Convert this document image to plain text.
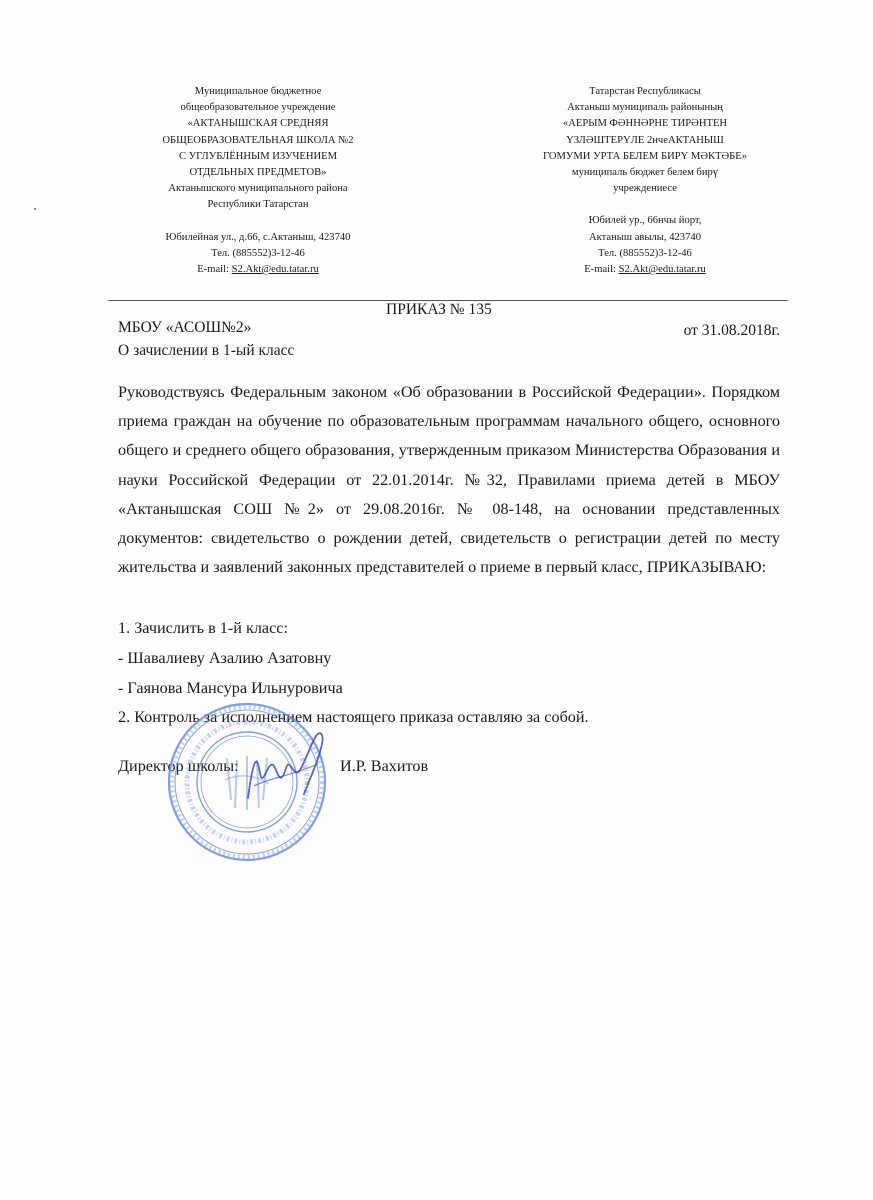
Муниципальное бюджетное
общеобразовательное учреждение
«АКТАНЫШСКАЯ СРЕДНЯЯ
ОБЩЕОБРАЗОВАТЕЛЬНАЯ ШКОЛА №2
С УГЛУБЛЁННЫМ ИЗУЧЕНИЕМ
ОТДЕЛЬНЫХ ПРЕДМЕТОВ»
Актанышского муниципального района
Республики Татарстан
Юбилейная ул., д.66, с.Актаныш, 423740
Тел. (885552)3-12-46
E-mail: S2.Akt@edu.tatar.ru
Татарстан Республикасы
Актаныш муниципаль районының
«АЕРЫМ ФӘННӘРНЕ ТИРӘНТЕН
ҮЗЛӘШТЕРҮЛЕ 2нчеАКТАНЫШ
ГОМУМИ УРТА БЕЛЕМ БИРҮ МӘКТӘБЕ»
муниципаль бюджет белем бирү
учреждениесе
Юбилей ур., 66нчы йорт,
Актаныш авылы, 423740
Тел. (885552)3-12-46
E-mail: S2.Akt@edu.tatar.ru
ПРИКАЗ № 135
МБОУ «АСОШ№2»	от 31.08.2018г.
О зачислении в 1-ый класс
Руководствуясь Федеральным законом «Об образовании в Российской Федерации». Порядком приема граждан на обучение по образовательным программам начального общего, основного общего и среднего общего образования, утвержденным приказом Министерства Образования и науки Российской Федерации от 22.01.2014г. №32, Правилами приема детей в МБОУ «Актанышская СОШ №2» от 29.08.2016г. № 08-148, на основании представленных документов: свидетельство о рождении детей, свидетельств о регистрации детей по месту жительства и заявлений законных представителей о приеме в первый класс, ПРИКАЗЫВАЮ:
1. Зачислить в 1-й класс:
- Шавалиеву Азалию Азатовну
- Гаянова Мансура Ильнуровича
2. Контроль за исполнением настоящего приказа оставляю за собой.
Директор школы:	И.Р. Вахитов
